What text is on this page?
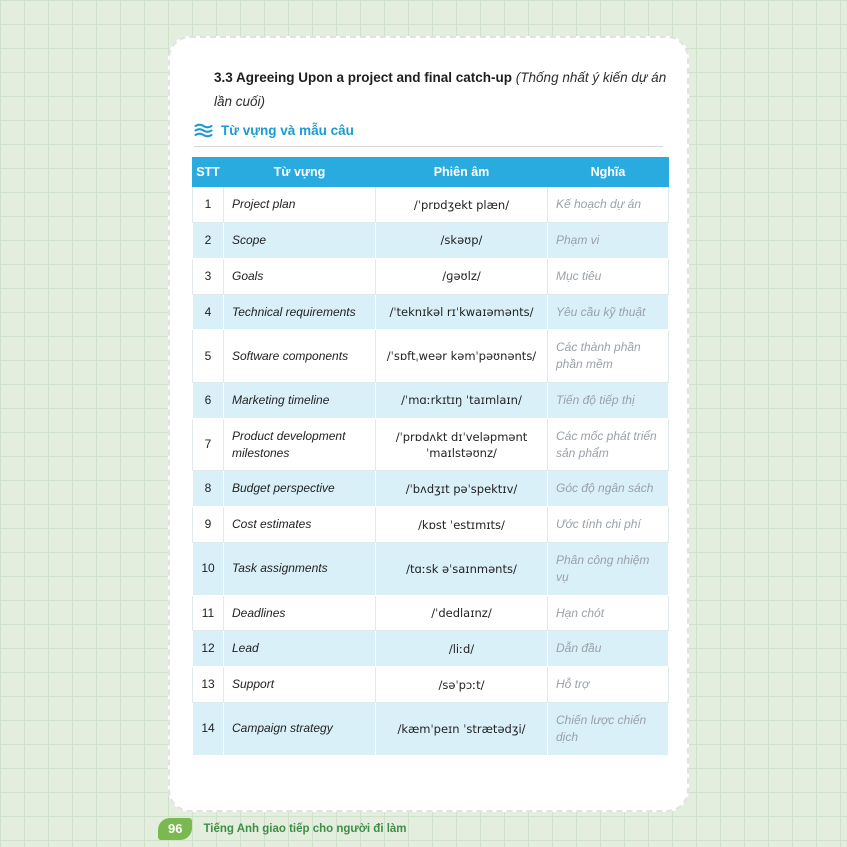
3.3 Agreeing Upon a project and final catch-up (Thống nhất ý kiến dự án lần cuối)
Từ vựng và mẫu câu
STT	Từ vựng	Phiên âm	Nghĩa
1	Project plan	/ˈprɒdʒekt plæn/	Kế hoạch dự án
2	Scope	/skəʊp/	Phạm vi
3	Goals	/ɡəʊlz/	Mục tiêu
4	Technical requirements	/ˈteknɪkəl rɪˈkwaɪəmənts/	Yêu cầu kỹ thuật
5	Software components	/ˈsɒftˌweər kəmˈpəʊnənts/	Các thành phần phần mềm
6	Marketing timeline	/ˈmɑːrkɪtɪŋ ˈtaɪmlaɪn/	Tiến độ tiếp thị
7	Product development milestones	/ˈprɒdʌkt dɪˈveləpmənt ˈmaɪlstəʊnz/	Các mốc phát triển sản phẩm
8	Budget perspective	/ˈbʌdʒɪt pəˈspektɪv/	Góc độ ngân sách
9	Cost estimates	/kɒst ˈestɪmɪts/	Ước tính chi phí
10	Task assignments	/tɑːsk əˈsaɪnmənts/	Phân công nhiệm vụ
11	Deadlines	/ˈdedlaɪnz/	Hạn chót
12	Lead	/liːd/	Dẫn đầu
13	Support	/səˈpɔːt/	Hỗ trợ
14	Campaign strategy	/kæmˈpeɪn ˈstrætədʒi/	Chiến lược chiến dịch
96	Tiếng Anh giao tiếp cho người đi làm
